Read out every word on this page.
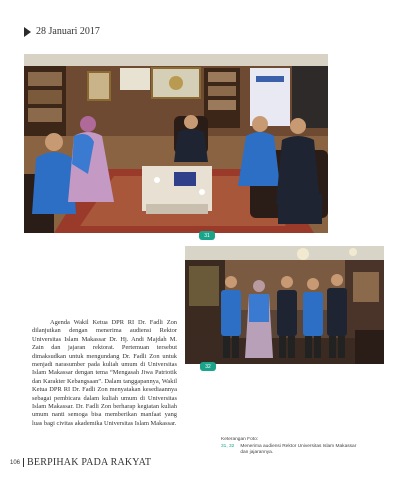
28 Januari 2017
31
32

Agenda Wakil Ketua DPR RI Dr. Fadli Zon dilanjutkan dengan menerima audiensi Rektor Universitas Islam Makassar Dr. Hj. Andi Majdah M. Zain dan jajaran rektorat. Pertemuan tersebut dimaksudkan untuk mengundang Dr. Fadli Zon untuk menjadi narasumber pada kuliah umum di Universitas Islam Makassar dengan tema “Mengasah Jiwa Patriotik dan Karakter Kebangsaan”. Dalam tanggapannya, Wakil Ketua DPR RI Dr. Fadli Zon menyatakan kesediaannya sebagai pembicara dalam kuliah umum di Universitas Islam Makassar. Dr. Fadli Zon berharap kegiatan kuliah umum nanti semoga bisa memberikan manfaat yang luas bagi civitas akademika Universitas Islam Makassar.

Keterangan Foto:
31, 32 Menerima audiensi Rektor Universitas Islam Makassar dan jajarannya.
106 BERPIHAK PADA RAKYAT
